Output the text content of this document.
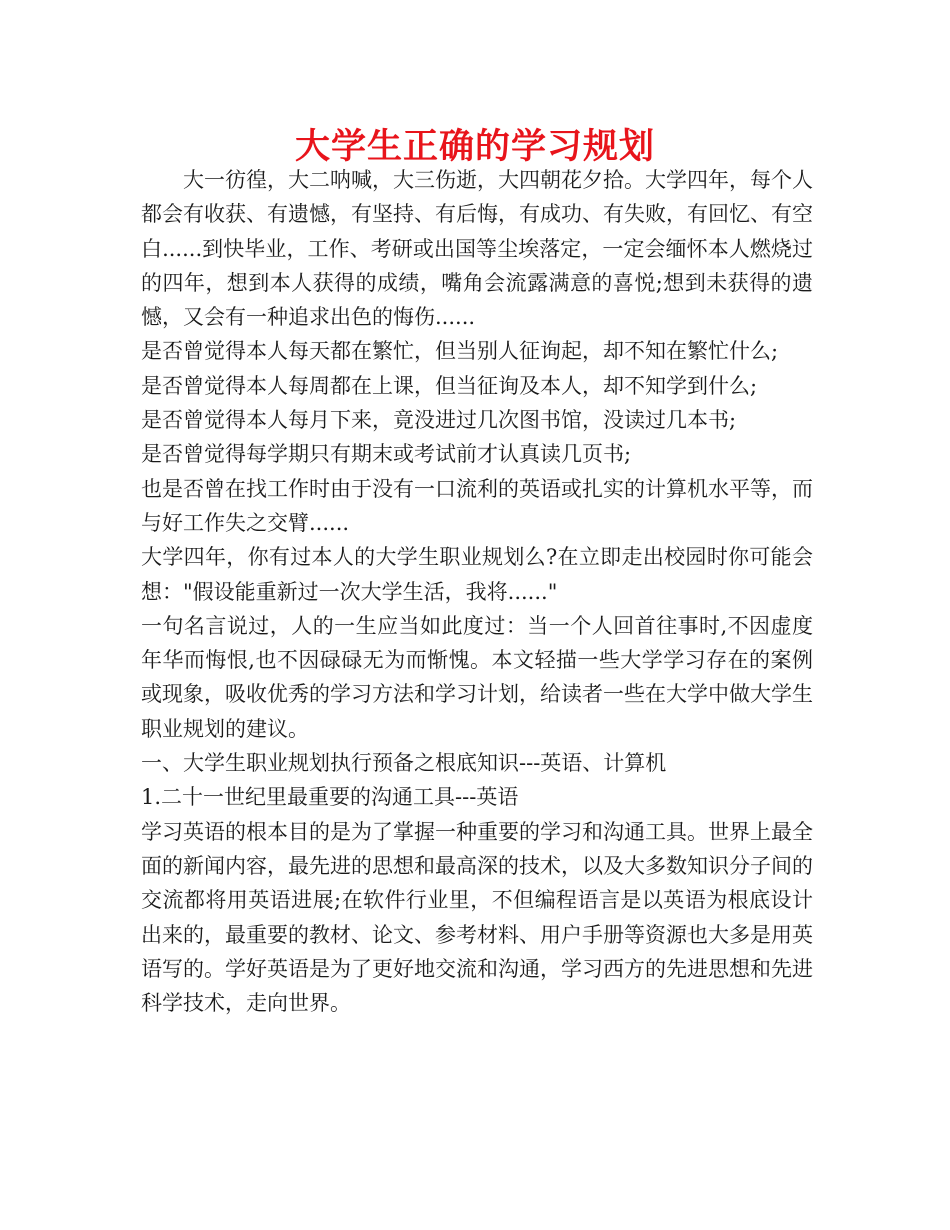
大学生正确的学习规划

大一彷徨，大二呐喊，大三伤逝，大四朝花夕拾。大学四年，每个人都会有收获、有遗憾，有坚持、有后悔，有成功、有失败，有回忆、有空白......到快毕业，工作、考研或出国等尘埃落定，一定会缅怀本人燃烧过的四年，想到本人获得的成绩，嘴角会流露满意的喜悦;想到未获得的遗憾，又会有一种追求出色的悔伤......

是否曾觉得本人每天都在繁忙，但当别人征询起，却不知在繁忙什么;

是否曾觉得本人每周都在上课，但当征询及本人，却不知学到什么;

是否曾觉得本人每月下来，竟没进过几次图书馆，没读过几本书;

是否曾觉得每学期只有期末或考试前才认真读几页书;

也是否曾在找工作时由于没有一口流利的英语或扎实的计算机水平等，而与好工作失之交臂......

大学四年，你有过本人的大学生职业规划么?在立即走出校园时你可能会想："假设能重新过一次大学生活，我将......"

一句名言说过，人的一生应当如此度过：当一个人回首往事时,不因虚度年华而悔恨,也不因碌碌无为而惭愧。本文轻描一些大学学习存在的案例或现象，吸收优秀的学习方法和学习计划，给读者一些在大学中做大学生职业规划的建议。

一、大学生职业规划执行预备之根底知识---英语、计算机

1.二十一世纪里最重要的沟通工具---英语

学习英语的根本目的是为了掌握一种重要的学习和沟通工具。世界上最全面的新闻内容，最先进的思想和最高深的技术，以及大多数知识分子间的交流都将用英语进展;在软件行业里，不但编程语言是以英语为根底设计出来的，最重要的教材、论文、参考材料、用户手册等资源也大多是用英语写的。学好英语是为了更好地交流和沟通，学习西方的先进思想和先进科学技术，走向世界。
